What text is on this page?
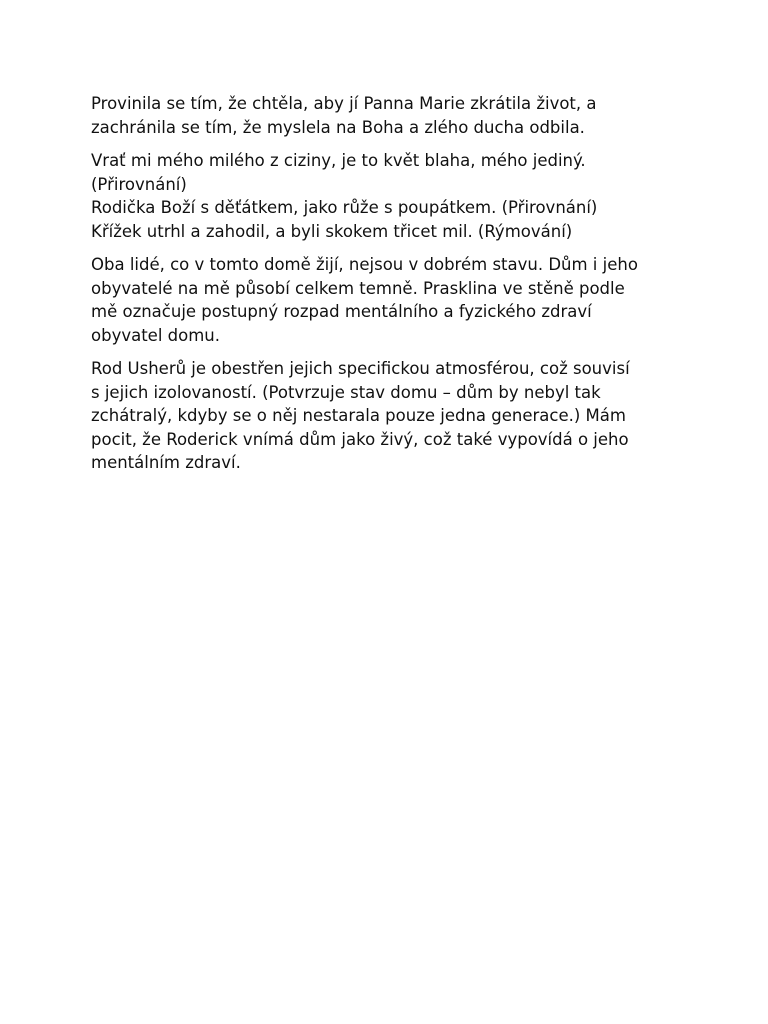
Provinila se tím, že chtěla, aby jí Panna Marie zkrátila život, a
zachránila se tím, že myslela na Boha a zlého ducha odbila.

Vrať mi mého milého z ciziny, je to květ blaha, mého jediný.
(Přirovnání)
Rodička Boží s děťátkem, jako růže s poupátkem. (Přirovnání)
Křížek utrhl a zahodil, a byli skokem třicet mil. (Rýmování)

Oba lidé, co v tomto domě žijí, nejsou v dobrém stavu. Dům i jeho
obyvatelé na mě působí celkem temně. Prasklina ve stěně podle
mě označuje postupný rozpad mentálního a fyzického zdraví
obyvatel domu.

Rod Usherů je obestřen jejich specifickou atmosférou, což souvisí
s jejich izolovaností. (Potvrzuje stav domu – dům by nebyl tak
zchátralý, kdyby se o něj nestarala pouze jedna generace.) Mám
pocit, že Roderick vnímá dům jako živý, což také vypovídá o jeho
mentálním zdraví.
